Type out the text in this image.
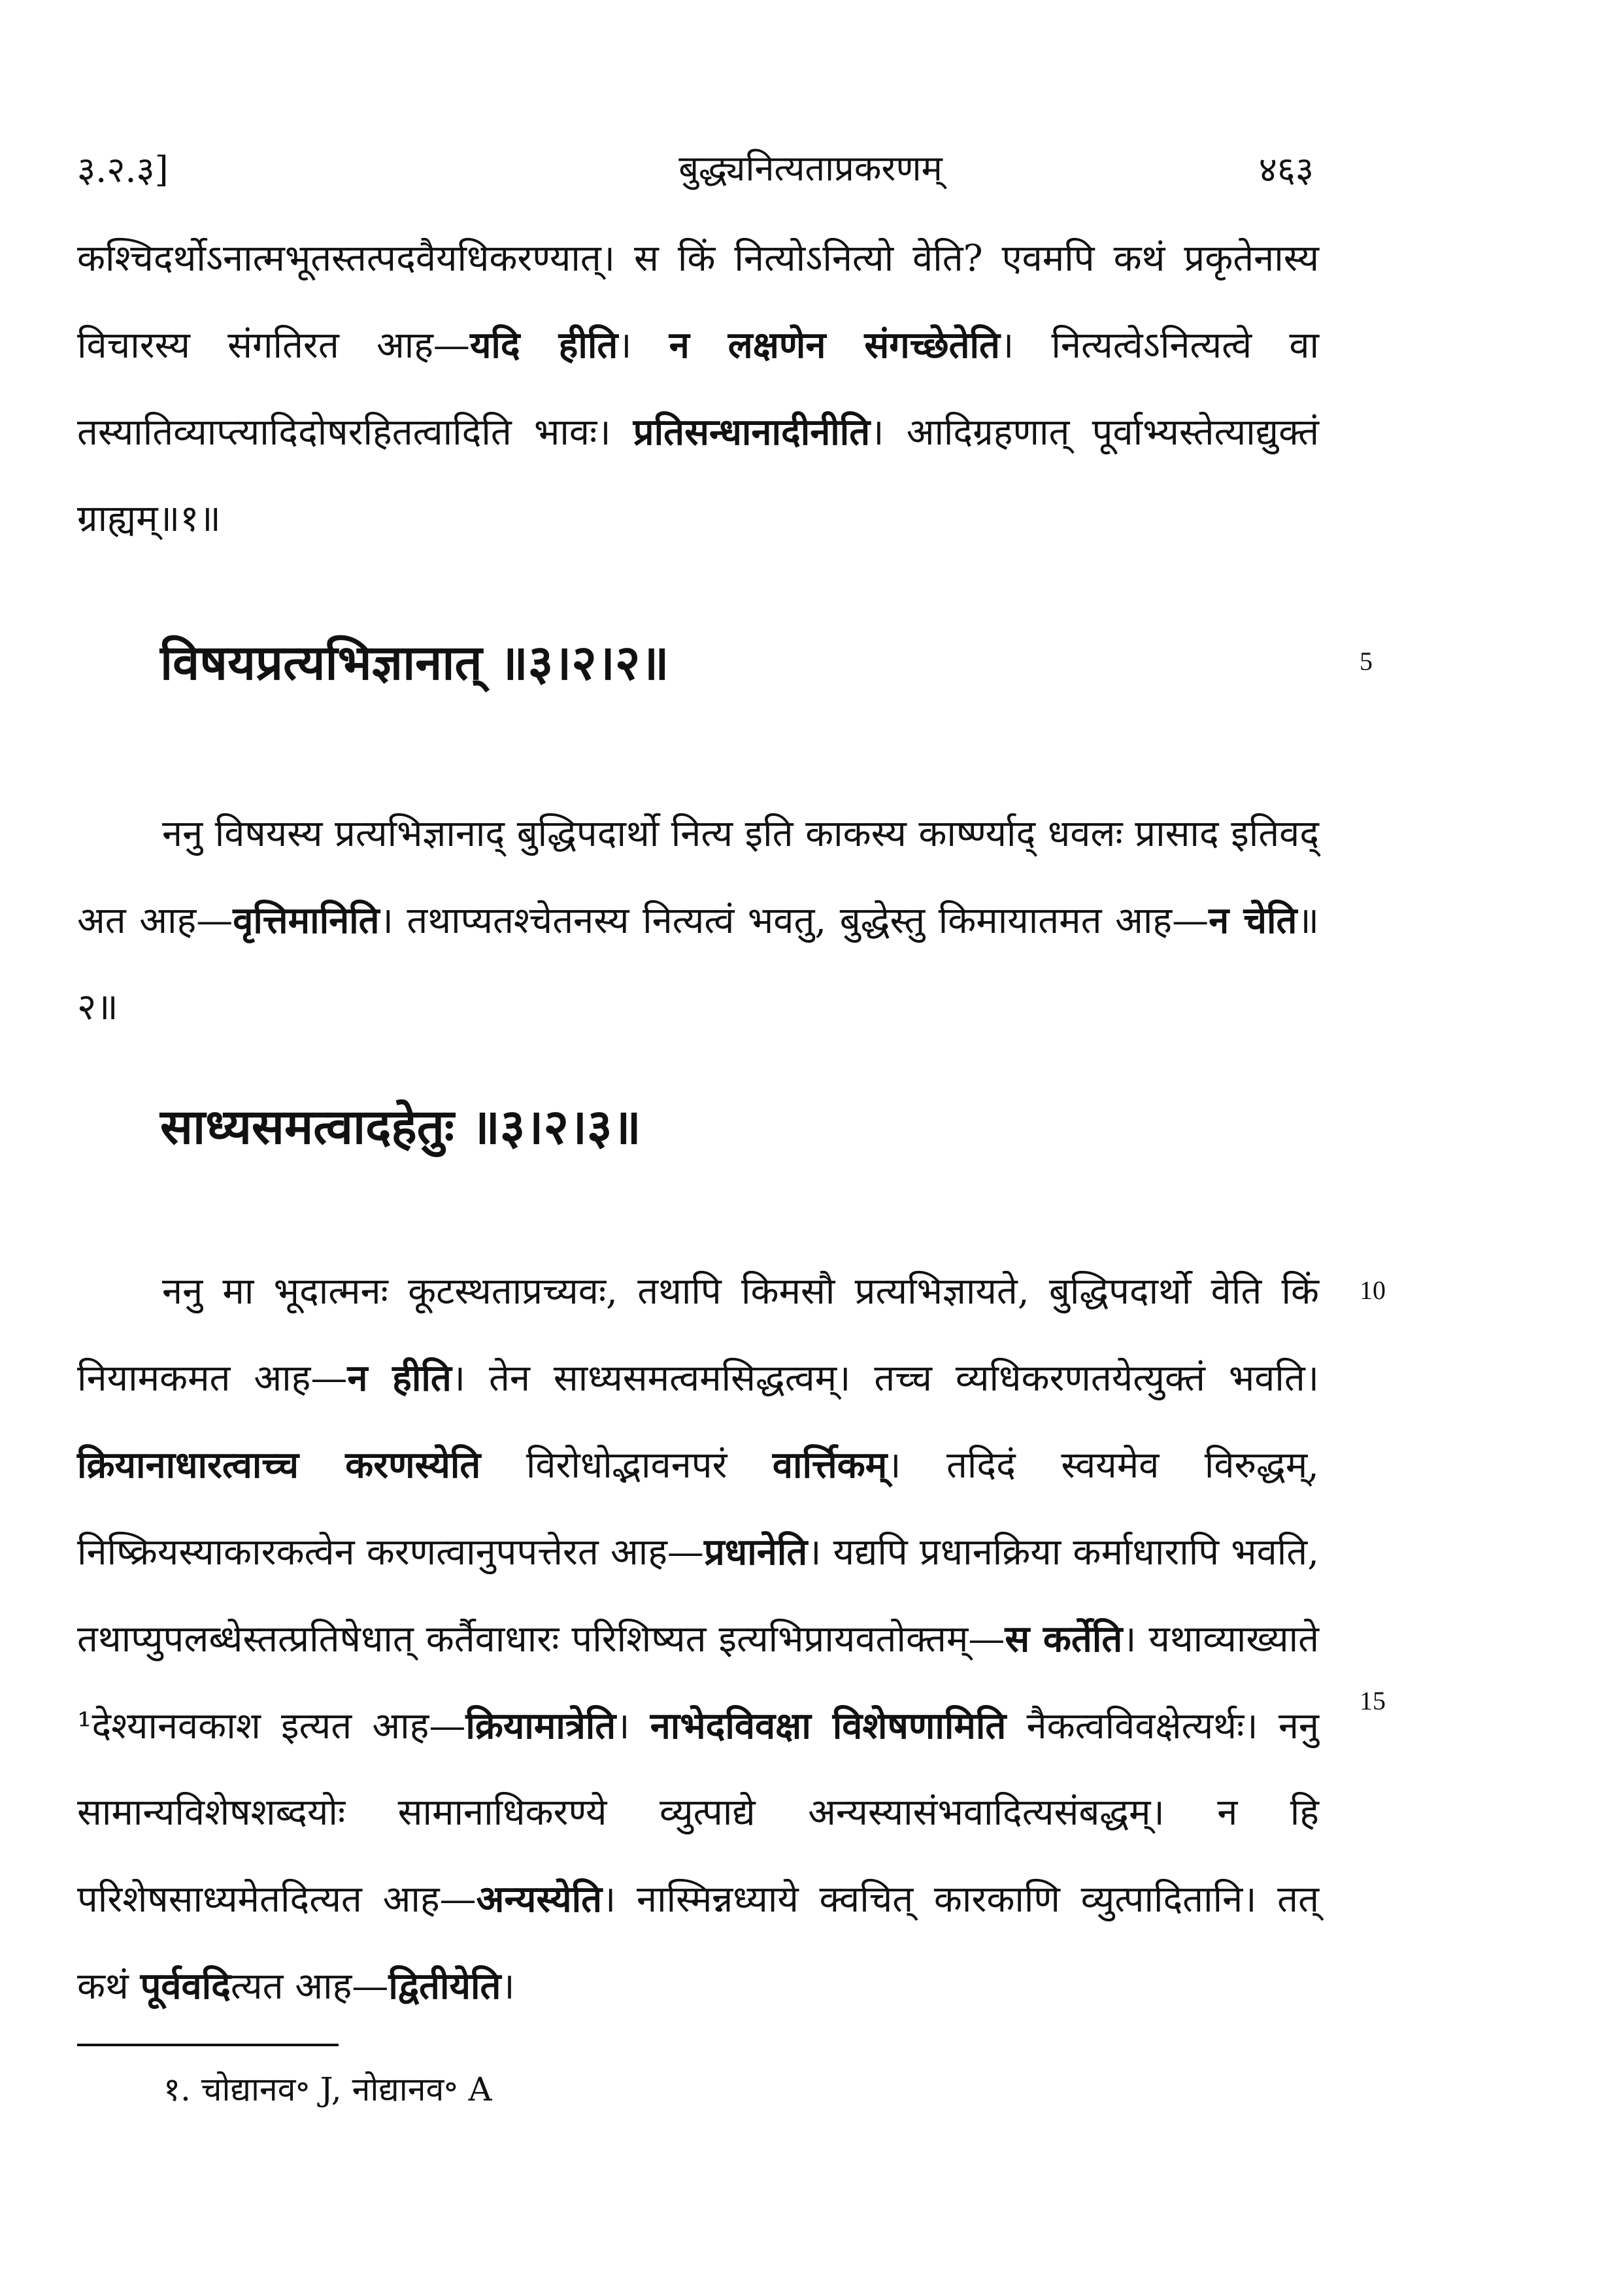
३.२.३]	बुद्ध्यनित्यताप्रकरणम्	४६३
कश्चिदर्थोऽनात्मभूतस्तत्पदवैयधिकरण्यात्। स किं नित्योऽनित्यो वेति? एवमपि कथं प्रकृतेनास्य विचारस्य संगतिरत आह—यदि हीति। न लक्षणेन संगच्छेतेति। नित्यत्वेऽनित्यत्वे वा तस्यातिव्याप्त्यादिदोषरहितत्वादिति भावः। प्रतिसन्धानादीनीति। आदिग्रहणात् पूर्वाभ्यस्तेत्याद्युक्तं ग्राह्यम्॥१॥
विषयप्रत्यभिज्ञानात् ॥३।२।२॥	5
ननु विषयस्य प्रत्यभिज्ञानाद् बुद्धिपदार्थो नित्य इति काकस्य कार्ष्ण्याद् धवलः प्रासाद इतिवद् अत आह—वृत्तिमानिति। तथाप्यतश्चेतनस्य नित्यत्वं भवतु, बुद्धेस्तु किमायातमत आह—न चेति॥२॥
साध्यसमत्वादहेतुः ॥३।२।३॥
ननु मा भूदात्मनः कूटस्थताप्रच्यवः, तथापि किमसौ प्रत्यभिज्ञायते, बुद्धिपदार्थो वेति किं नियामकमत आह—न हीति। तेन साध्यसमत्वमसिद्धत्वम्। तच्च व्यधिकरणतयेत्युक्तं भवति। क्रियानाधारत्वाच्च करणस्येति विरोधोद्भावनपरं वार्त्तिकम्। तदिदं स्वयमेव विरुद्धम्, निष्क्रियस्याकारकत्वेन करणत्वानुपपत्तेरत आह—प्रधानेति। यद्यपि प्रधानक्रिया कर्माधारापि भवति, तथाप्युपलब्धेस्तत्प्रतिषेधात् कर्तैवाधारः परिशिष्यत इत्यभिप्रायवतोक्तम्—स कर्तेति। यथाव्याख्याते ¹देश्यानवकाश इत्यत आह—क्रियामात्रेति। नाभेदविवक्षा विशेषणामिति नैकत्वविवक्षेत्यर्थः। ननु सामान्यविशेषशब्दयोः सामानाधिकरण्ये व्युत्पाद्ये अन्यस्यासंभवादित्यसंबद्धम्। न हि परिशेषसाध्यमेतदित्यत आह—अन्यस्येति। नास्मिन्नध्याये क्वचित् कारकाणि व्युत्पादितानि। तत् कथं पूर्ववदित्यत आह—द्वितीयेति।
10
15
१. चोद्यानव॰ J, नोद्यानव॰ A
